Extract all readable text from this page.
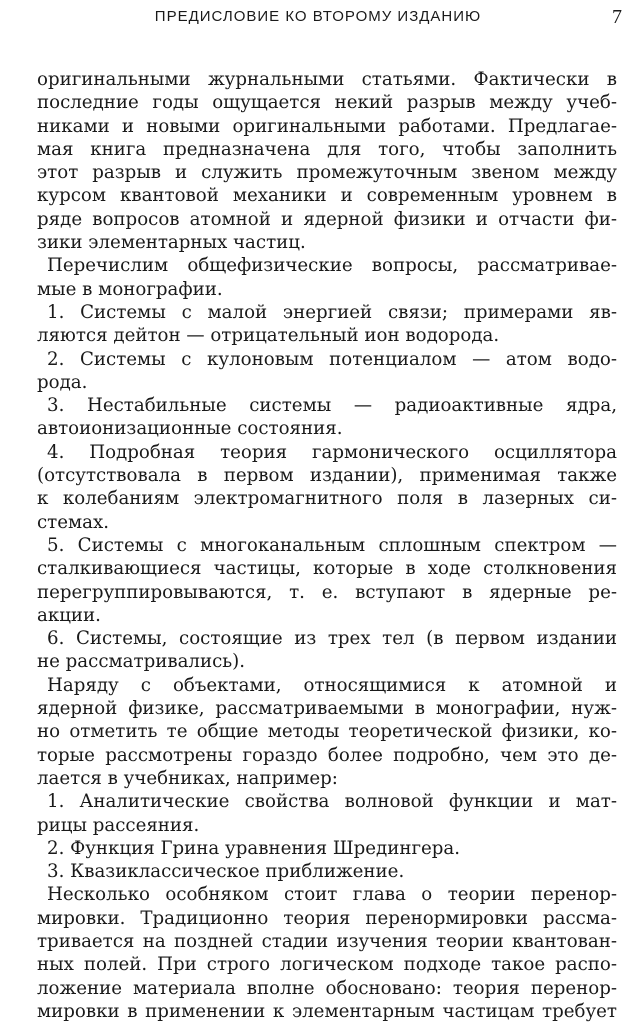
ПРЕДИСЛОВИЕ КО ВТОРОМУ ИЗДАНИЮ	7
оригинальными журнальными статьями. Фактически в
последние годы ощущается некий разрыв между учеб-
никами и новыми оригинальными работами. Предлагае-
мая книга предназначена для того, чтобы заполнить
этот разрыв и служить промежуточным звеном между
курсом квантовой механики и современным уровнем в
ряде вопросов атомной и ядерной физики и отчасти фи-
зики элементарных частиц.
Перечислим общефизические вопросы, рассматривае-
мые в монографии.
1. Системы с малой энергией связи; примерами яв-
ляются дейтон — отрицательный ион водорода.
2. Системы с кулоновым потенциалом — атом водо-
рода.
3. Нестабильные системы — радиоактивные ядра,
автоионизационные состояния.
4. Подробная теория гармонического осциллятора
(отсутствовала в первом издании), применимая также
к колебаниям электромагнитного поля в лазерных си-
стемах.
5. Системы с многоканальным сплошным спектром —
сталкивающиеся частицы, которые в ходе столкновения
перегруппировываются, т. е. вступают в ядерные ре-
акции.
6. Системы, состоящие из трех тел (в первом издании
не рассматривались).
Наряду с объектами, относящимися к атомной и
ядерной физике, рассматриваемыми в монографии, нуж-
но отметить те общие методы теоретической физики, ко-
торые рассмотрены гораздо более подробно, чем это де-
лается в учебниках, например:
1. Аналитические свойства волновой функции и мат-
рицы рассеяния.
2. Функция Грина уравнения Шредингера.
3. Квазиклассическое приближение.
Несколько особняком стоит глава о теории перенор-
мировки. Традиционно теория перенормировки рассма-
тривается на поздней стадии изучения теории квантован-
ных полей. При строго логическом подходе такое распо-
ложение материала вполне обосновано: теория перенор-
мировки в применении к элементарным частицам требует
